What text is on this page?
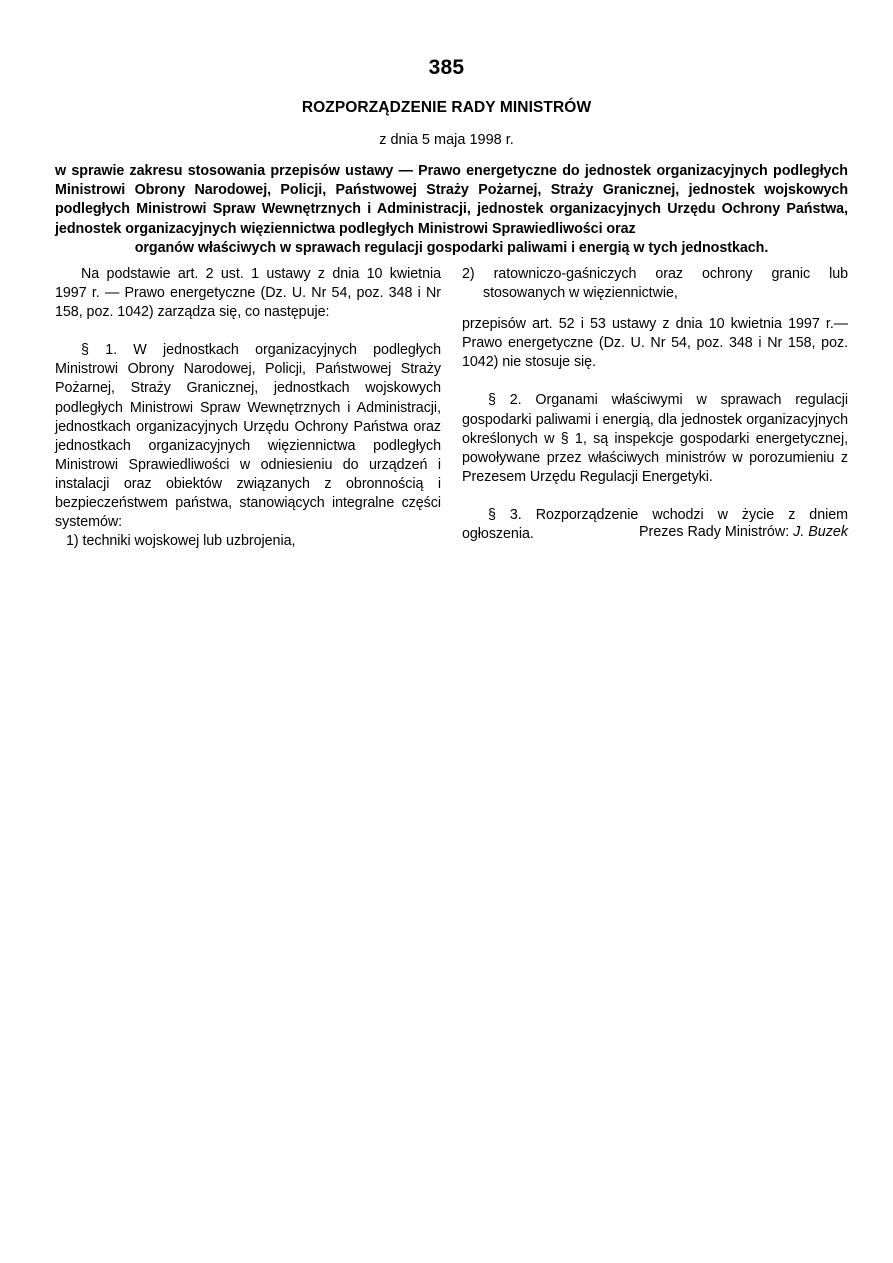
385
ROZPORZĄDZENIE RADY MINISTRÓW
z dnia 5 maja 1998 r.
w sprawie zakresu stosowania przepisów ustawy — Prawo energetyczne do jednostek organizacyjnych podległych Ministrowi Obrony Narodowej, Policji, Państwowej Straży Pożarnej, Straży Granicznej, jednostek wojskowych podległych Ministrowi Spraw Wewnętrznych i Administracji, jednostek organizacyjnych Urzędu Ochrony Państwa, jednostek organizacyjnych więziennictwa podległych Ministrowi Sprawiedliwości oraz
organów właściwych w sprawach regulacji gospodarki paliwami i energią w tych jednostkach.

Na podstawie art. 2 ust. 1 ustawy z dnia 10 kwietnia 1997 r. — Prawo energetyczne (Dz. U. Nr 54, poz. 348 i Nr 158, poz. 1042) zarządza się, co następuje:

§ 1. W jednostkach organizacyjnych podległych Ministrowi Obrony Narodowej, Policji, Państwowej Straży Pożarnej, Straży Granicznej, jednostkach wojskowych podległych Ministrowi Spraw Wewnętrznych i Administracji, jednostkach organizacyjnych Urzędu Ochrony Państwa oraz jednostkach organizacyjnych więziennictwa podległych Ministrowi Sprawiedliwości w odniesieniu do urządzeń i instalacji oraz obiektów związanych z obronnością i bezpieczeństwem państwa, stanowiących integralne części systemów:

1) techniki wojskowej lub uzbrojenia,

2) ratowniczo-gaśniczych oraz ochrony granic lub stosowanych w więziennictwie,

przepisów art. 52 i 53 ustawy z dnia 10 kwietnia 1997 r.— Prawo energetyczne (Dz. U. Nr 54, poz. 348 i Nr 158, poz. 1042) nie stosuje się.

§ 2. Organami właściwymi w sprawach regulacji gospodarki paliwami i energią, dla jednostek organizacyjnych określonych w § 1, są inspekcje gospodarki energetycznej, powoływane przez właściwych ministrów w porozumieniu z Prezesem Urzędu Regulacji Energetyki.

§ 3. Rozporządzenie wchodzi w życie z dniem ogłoszenia.	Prezes Rady Ministrów: J. Buzek
